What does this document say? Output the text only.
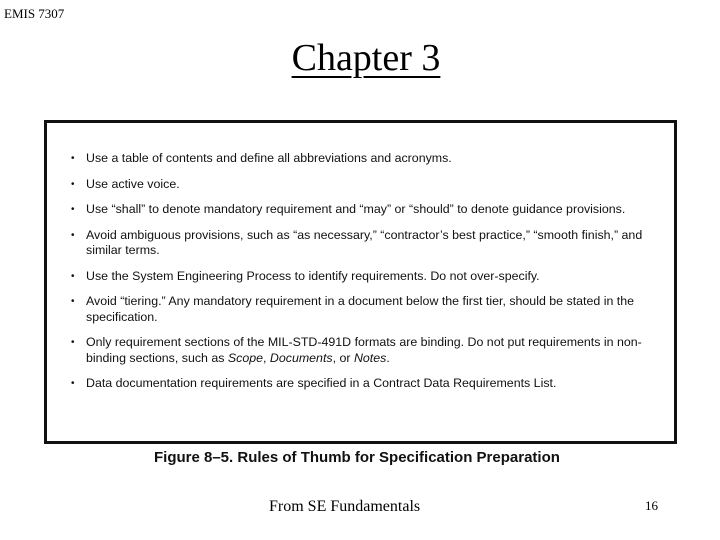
EMIS 7307
Chapter 3
• Use a table of contents and define all abbreviations and acronyms.
• Use active voice.
• Use “shall” to denote mandatory requirement and “may” or “should” to denote guidance provisions.
• Avoid ambiguous provisions, such as “as necessary,” “contractor’s best practice,” “smooth finish,” and similar terms.
• Use the System Engineering Process to identify requirements. Do not over-specify.
• Avoid “tiering.” Any mandatory requirement in a document below the first tier, should be stated in the specification.
• Only requirement sections of the MIL-STD-491D formats are binding. Do not put requirements in non-binding sections, such as Scope, Documents, or Notes.
• Data documentation requirements are specified in a Contract Data Requirements List.
Figure 8–5. Rules of Thumb for Specification Preparation
From SE Fundamentals	16
